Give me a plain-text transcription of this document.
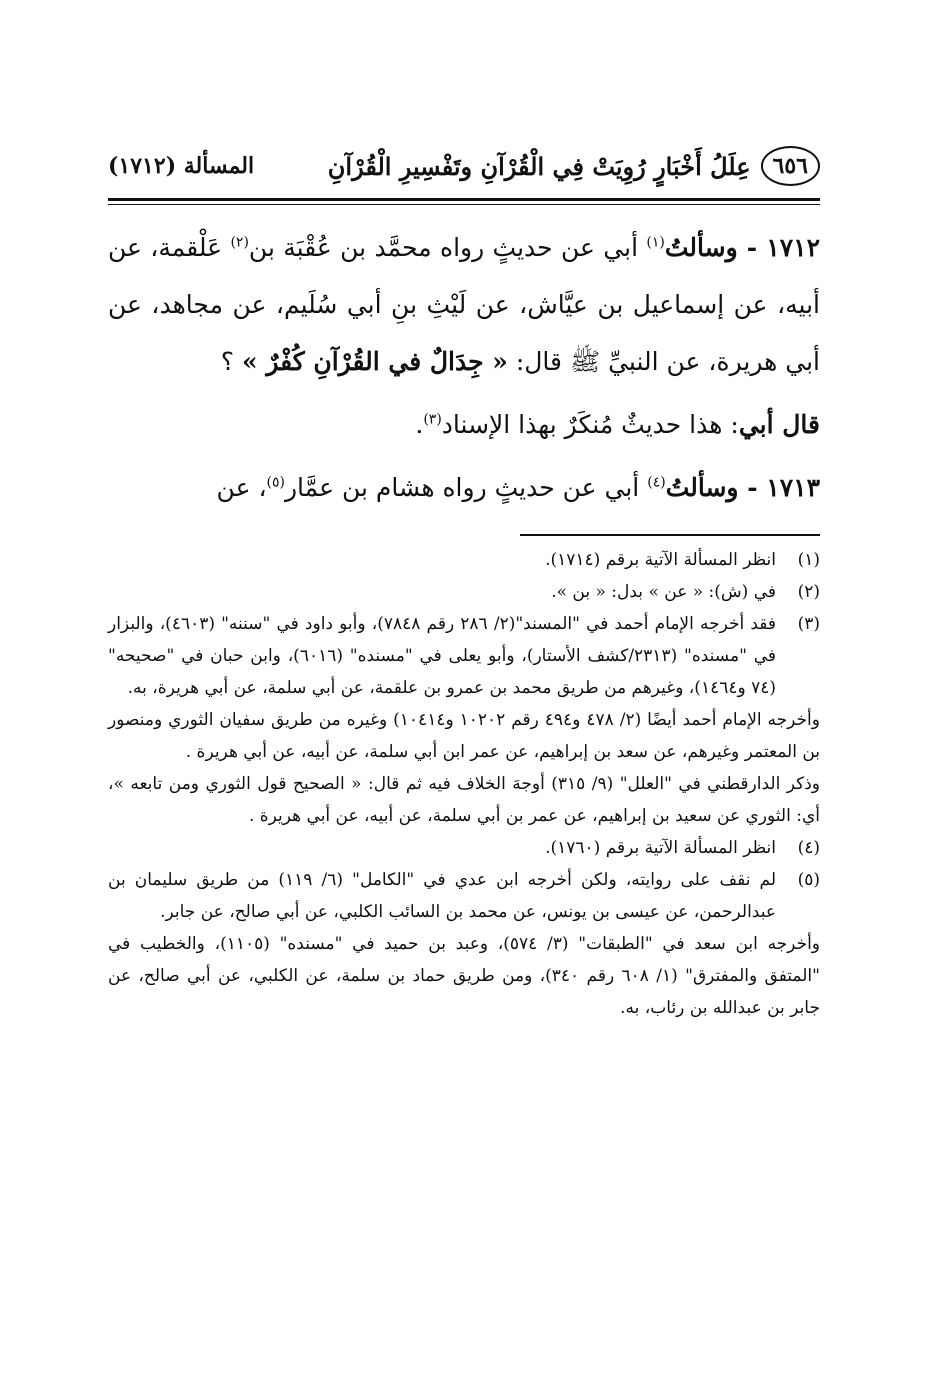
٦٥٦
عِلَلُ أَخْبَارٍ رُوِيَتْ فِي الْقُرْآنِ وتَفْسِيرِ الْقُرْآنِ
المسألة (١٧١٢)

١٧١٢ - وسألتُ$^{(١)}$ أبي عن حديثٍ رواه محمَّد بن عُقْبَة بن$^{(٢)}$ عَلْقمة، عن أبيه، عن إسماعيل بن عيَّاش، عن لَيْثِ بنِ أبي سُلَيم، عن مجاهد، عن أبي هريرة، عن النبيِّ ﷺ قال: « جِدَالٌ في القُرْآنِ كُفْرٌ » ؟

قال أبي: هذا حديثٌ مُنكَرٌ بهذا الإسناد$^{(٣)}$.

١٧١٣ - وسألتُ$^{(٤)}$ أبي عن حديثٍ رواه هشام بن عمَّار$^{(٥)}$، عن

(١)

انظر المسألة الآتية برقم (١٧١٤).

(٢)

في (ش): « عن » بدل: « بن ».

(٣)

فقد أخرجه الإمام أحمد في "المسند"(٢/ ٢٨٦ رقم ٧٨٤٨)، وأبو داود في "سننه" (٤٦٠٣)، والبزار في "مسنده" (٢٣١٣/كشف الأستار)، وأبو يعلى في "مسنده" (٦٠١٦)، وابن حبان في "صحيحه" (٧٤ و١٤٦٤)، وغيرهم من طريق محمد بن عمرو بن علقمة، عن أبي سلمة، عن أبي هريرة، به.

وأخرجه الإمام أحمد أيضًا (٢/ ٤٧٨ و٤٩٤ رقم ١٠٢٠٢ و١٠٤١٤) وغيره من طريق سفيان الثوري ومنصور بن المعتمر وغيرهم، عن سعد بن إبراهيم، عن عمر ابن أبي سلمة، عن أبيه، عن أبي هريرة .

وذكر الدارقطني في "العلل" (٩/ ٣١٥) أوجهَ الخلاف فيه ثم قال: « الصحيح قول الثوري ومن تابعه »، أي: الثوري عن سعيد بن إبراهيم، عن عمر بن أبي سلمة، عن أبيه، عن أبي هريرة .

(٤)

انظر المسألة الآتية برقم (١٧٦٠).

(٥)

لم نقف على روايته، ولكن أخرجه ابن عدي في "الكامل" (٦/ ١١٩) من طريق سليمان بن عبدالرحمن، عن عيسى بن يونس، عن محمد بن السائب الكلبي، عن أبي صالح، عن جابر.

وأخرجه ابن سعد في "الطبقات" (٣/ ٥٧٤)، وعبد بن حميد في "مسنده" (١١٠٥)، والخطيب في "المتفق والمفترق" (١/ ٦٠٨ رقم ٣٤٠)، ومن طريق حماد بن سلمة، عن الكلبي، عن أبي صالح، عن جابر بن عبدالله بن رئاب، به.
